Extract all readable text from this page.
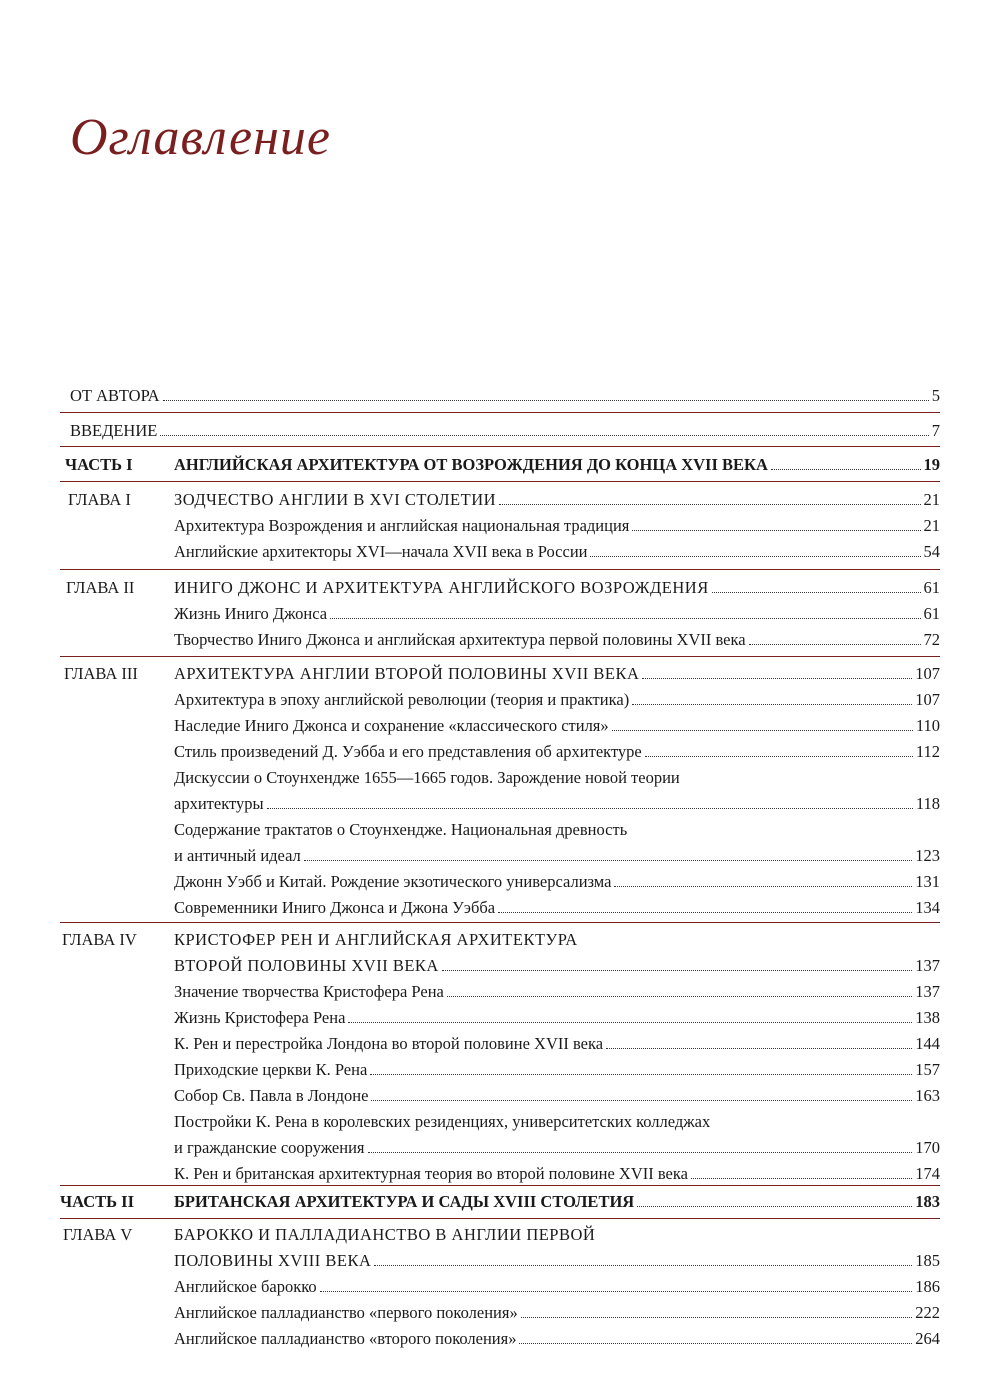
Оглавление
ОТ АВТОРА	5
ВВЕДЕНИЕ	7
ЧАСТЬ I	АНГЛИЙСКАЯ АРХИТЕКТУРА ОТ ВОЗРОЖДЕНИЯ ДО КОНЦА XVII ВЕКА	19
ГЛАВА I	ЗОДЧЕСТВО АНГЛИИ В XVI СТОЛЕТИИ	21
Архитектура Возрождения и английская национальная традиция	21
Английские архитекторы XVI—начала XVII века в России	54
ГЛАВА II	ИНИГО ДЖОНС И АРХИТЕКТУРА АНГЛИЙСКОГО ВОЗРОЖДЕНИЯ	61
Жизнь Иниго Джонса	61
Творчество Иниго Джонса и английская архитектура первой половины XVII века	72
ГЛАВА III	АРХИТЕКТУРА АНГЛИИ ВТОРОЙ ПОЛОВИНЫ XVII ВЕКА	107
Архитектура в эпоху английской революции (теория и практика)	107
Наследие Иниго Джонса и сохранение «классического стиля»	110
Стиль произведений Д. Уэбба и его представления об архитектуре	112
Дискуссии о Стоунхендже 1655—1665 годов. Зарождение новой теории
архитектуры	118
Содержание трактатов о Стоунхендже. Национальная древность
и античный идеал	123
Джонн Уэбб и Китай. Рождение экзотического универсализма	131
Современники Иниго Джонса и Джона Уэбба	134
ГЛАВА IV	КРИСТОФЕР РЕН И АНГЛИЙСКАЯ АРХИТЕКТУРА
ВТОРОЙ ПОЛОВИНЫ XVII ВЕКА	137
Значение творчества Кристофера Рена	137
Жизнь Кристофера Рена	138
К. Рен и перестройка Лондона во второй половине XVII века	144
Приходские церкви К. Рена	157
Собор Св. Павла в Лондоне	163
Постройки К. Рена в королевских резиденциях, университетских колледжах
и гражданские сооружения	170
К. Рен и британская архитектурная теория во второй половине XVII века	174
ЧАСТЬ II	БРИТАНСКАЯ АРХИТЕКТУРА И САДЫ XVIII СТОЛЕТИЯ	183
ГЛАВА V	БАРОККО И ПАЛЛАДИАНСТВО В АНГЛИИ ПЕРВОЙ
ПОЛОВИНЫ XVIII ВЕКА	185
Английское барокко	186
Английское палладианство «первого поколения»	222
Английское палладианство «второго поколения»	264
